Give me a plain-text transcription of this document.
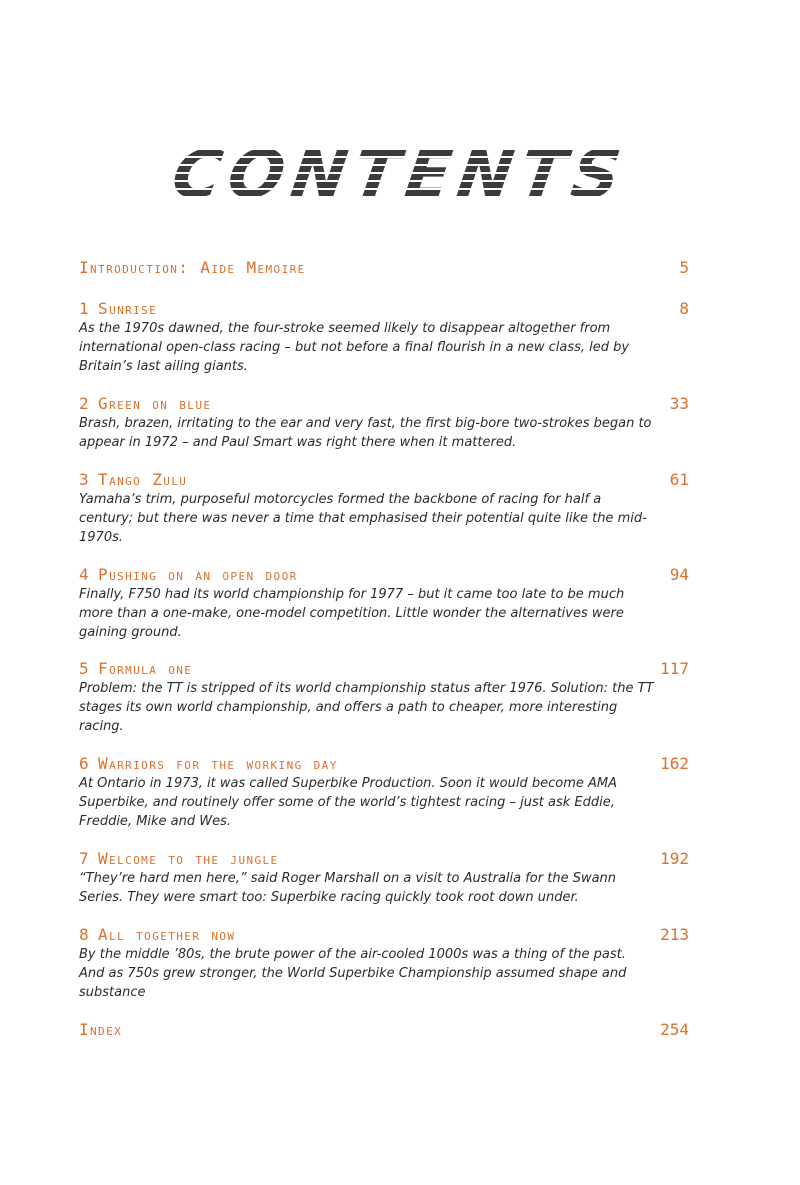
CONTENTS
Introduction: Aide Memoire	5
1 Sunrise	8
As the 1970s dawned, the four-stroke seemed likely to disappear altogether from international open-class racing – but not before a final flourish in a new class, led by Britain’s last ailing giants.
2 Green on blue	33
Brash, brazen, irritating to the ear and very fast, the first big-bore two-strokes began to appear in 1972 – and Paul Smart was right there when it mattered.
3 Tango Zulu	61
Yamaha’s trim, purposeful motorcycles formed the backbone of racing for half a century; but there was never a time that emphasised their potential quite like the mid-1970s.
4 Pushing on an open door	94
Finally, F750 had its world championship for 1977 – but it came too late to be much more than a one-make, one-model competition. Little wonder the alternatives were gaining ground.
5 Formula one	117
Problem: the TT is stripped of its world championship status after 1976. Solution: the TT stages its own world championship, and offers a path to cheaper, more interesting racing.
6 Warriors for the working day	162
At Ontario in 1973, it was called Superbike Production. Soon it would become AMA Superbike, and routinely offer some of the world’s tightest racing – just ask Eddie, Freddie, Mike and Wes.
7 Welcome to the jungle	192
“They’re hard men here,” said Roger Marshall on a visit to Australia for the Swann Series. They were smart too: Superbike racing quickly took root down under.
8 All together now	213
By the middle ’80s, the brute power of the air-cooled 1000s was a thing of the past. And as 750s grew stronger, the World Superbike Championship assumed shape and substance
Index	254
